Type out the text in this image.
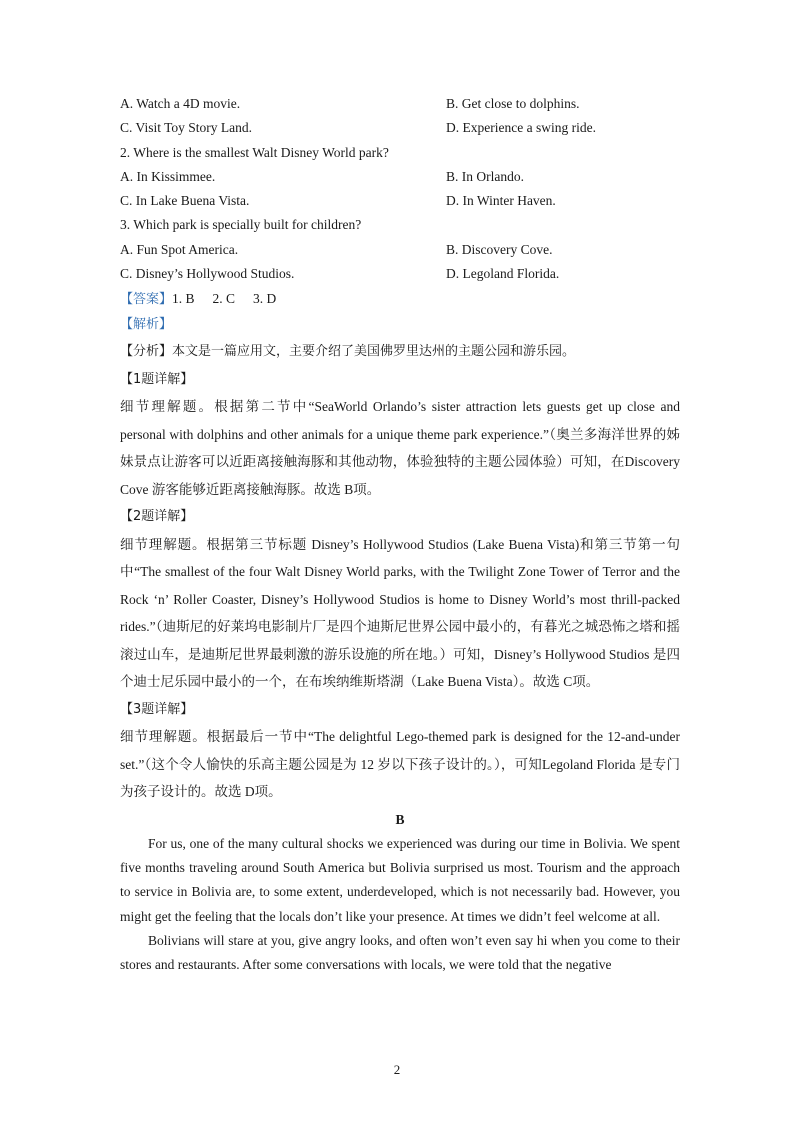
A. Watch a 4D movie.	B. Get close to dolphins.
C. Visit Toy Story Land.	D. Experience a swing ride.
2. Where is the smallest Walt Disney World park?
A. In Kissimmee.	B. In Orlando.
C. In Lake Buena Vista.	D. In Winter Haven.
3. Which park is specially built for children?
A. Fun Spot America.	B. Discovery Cove.
C. Disney’s Hollywood Studios.	D. Legoland Florida.
【答案】1. B 2. C 3. D
【解析】
【分析】本文是一篇应用文，主要介绍了美国佛罗里达州的主题公园和游乐园。
【1题详解】

细节理解题。根据第二节中“SeaWorld Orlando’s sister attraction lets guests get up close and personal with dolphins and other animals for a unique theme park experience.”（奥兰多海洋世界的姊妹景点让游客可以近距离接触海豚和其他动物，体验独特的主题公园体验）可知，在Discovery Cove 游客能够近距离接触海豚。故选 B项。

【2题详解】

细节理解题。根据第三节标题 Disney’s Hollywood Studios (Lake Buena Vista)和第三节第一句中“The smallest of the four Walt Disney World parks, with the Twilight Zone Tower of Terror and the Rock ‘n’ Roller Coaster, Disney’s Hollywood Studios is home to Disney World’s most thrill-packed rides.”（迪斯尼的好莱坞电影制片厂是四个迪斯尼世界公园中最小的，有暮光之城恐怖之塔和摇滚过山车，是迪斯尼世界最刺激的游乐设施的所在地。）可知，Disney’s Hollywood Studios 是四个迪士尼乐园中最小的一个，在布埃纳维斯塔湖（Lake Buena Vista）。故选 C项。

【3题详解】

细节理解题。根据最后一节中“The delightful Lego-themed park is designed for the 12-and-under set.”（这个令人愉快的乐高主题公园是为 12 岁以下孩子设计的。），可知Legoland Florida 是专门为孩子设计的。故选 D项。

B

For us, one of the many cultural shocks we experienced was during our time in Bolivia. We spent five months traveling around South America but Bolivia surprised us most. Tourism and the approach to service in Bolivia are, to some extent, underdeveloped, which is not necessarily bad. However, you might get the feeling that the locals don’t like your presence. At times we didn’t feel welcome at all.

Bolivians will stare at you, give angry looks, and often won’t even say hi when you come to their stores and restaurants. After some conversations with locals, we were told that the negative

2
